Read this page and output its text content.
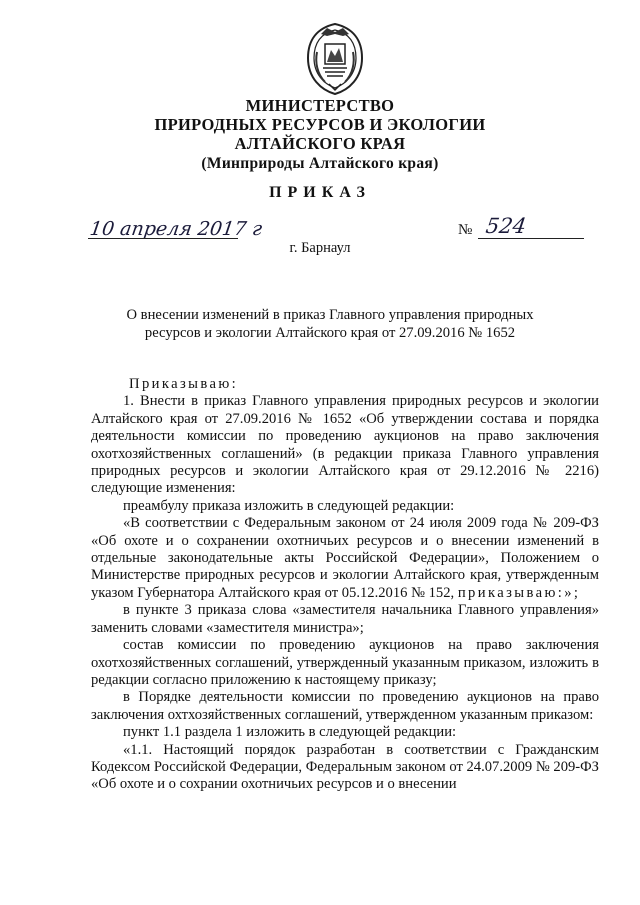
МИНИСТЕРСТВО
ПРИРОДНЫХ РЕСУРСОВ И ЭКОЛОГИИ
АЛТАЙСКОГО КРАЯ
(Минприроды Алтайского края)
ПРИКАЗ
10 апреля 2017 г	№ 524
г. Барнаул
О внесении изменений в приказ Главного управления природных ресурсов и экологии Алтайского края от 27.09.2016 № 1652

Приказываю:

1. Внести в приказ Главного управления природных ресурсов и экологии Алтайского края от 27.09.2016 № 1652 «Об утверждении состава и порядка деятельности комиссии по проведению аукционов на право заключения охотхозяйственных соглашений» (в редакции приказа Главного управления природных ресурсов и экологии Алтайского края от 29.12.2016 № 2216) следующие изменения:

преамбулу приказа изложить в следующей редакции:

«В соответствии с Федеральным законом от 24 июля 2009 года № 209-ФЗ «Об охоте и о сохранении охотничьих ресурсов и о внесении изменений в отдельные законодательные акты Российской Федерации», Положением о Министерстве природных ресурсов и экологии Алтайского края, утвержденным указом Губернатора Алтайского края от 05.12.2016 № 152, приказываю:»;

в пункте 3 приказа слова «заместителя начальника Главного управления» заменить словами «заместителя министра»;

состав комиссии по проведению аукционов на право заключения охотхозяйственных соглашений, утвержденный указанным приказом, изложить в редакции согласно приложению к настоящему приказу;

в Порядке деятельности комиссии по проведению аукционов на право заключения охтхозяйственных соглашений, утвержденном указанным приказом:

пункт 1.1 раздела 1 изложить в следующей редакции:

«1.1. Настоящий порядок разработан в соответствии с Гражданским Кодексом Российской Федерации, Федеральным законом от 24.07.2009 № 209-ФЗ «Об охоте и о сохрании охотничьих ресурсов и о внесении
